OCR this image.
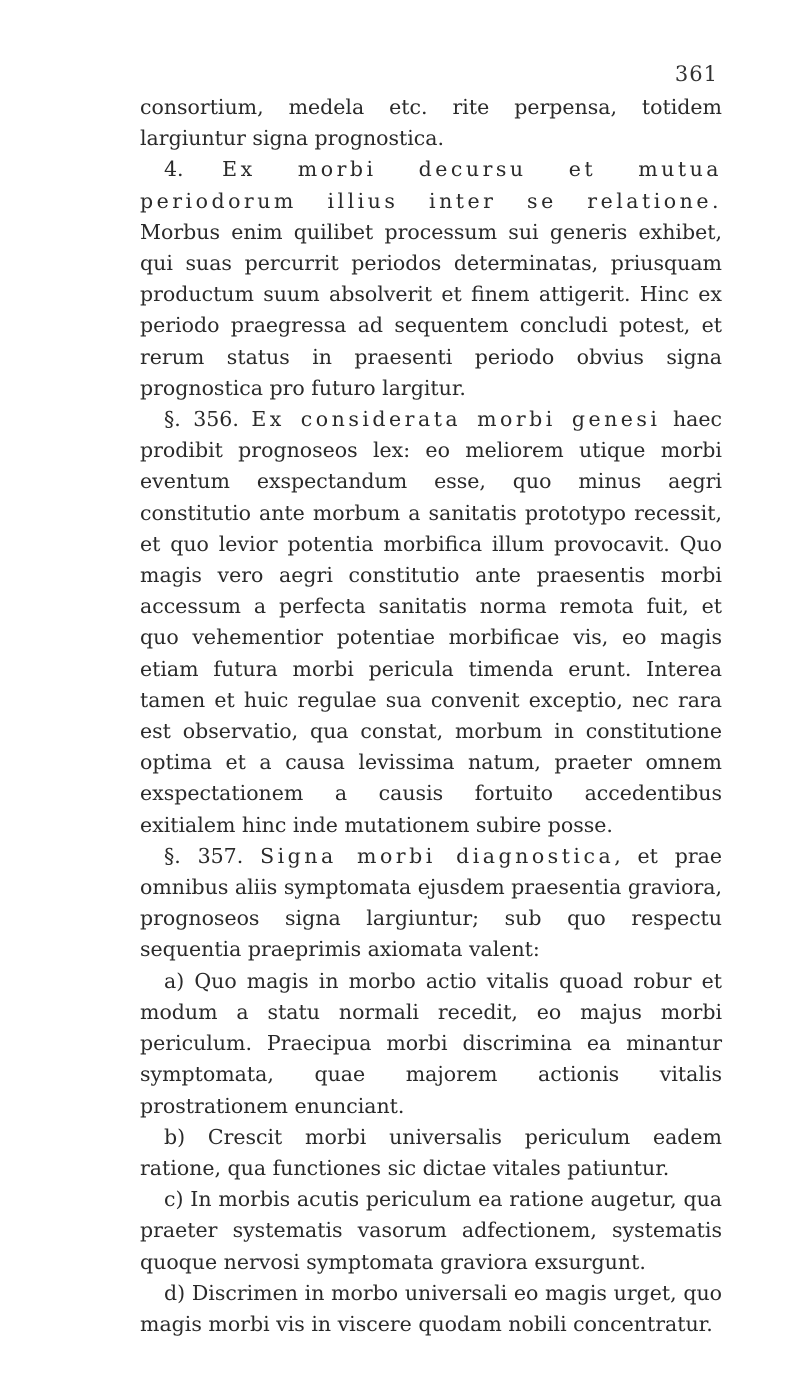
361

consortium, medela etc. rite perpensa, totidem largiuntur signa prognostica.

4. Ex morbi decursu et mutua periodorum illius inter se relatione. Morbus enim quilibet processum sui generis exhibet, qui suas percurrit periodos determinatas, priusquam productum suum absolverit et finem attigerit. Hinc ex periodo praegressa ad sequentem concludi potest, et rerum status in praesenti periodo obvius signa prognostica pro futuro largitur.

§. 356. Ex considerata morbi genesi haec prodibit prognoseos lex: eo meliorem utique morbi eventum exspectandum esse, quo minus aegri constitutio ante morbum a sanitatis prototypo recessit, et quo levior potentia morbifica illum provocavit. Quo magis vero aegri constitutio ante praesentis morbi accessum a perfecta sanitatis norma remota fuit, et quo vehementior potentiae morbificae vis, eo magis etiam futura morbi pericula timenda erunt. Interea tamen et huic regulae sua convenit exceptio, nec rara est observatio, qua constat, morbum in constitutione optima et a causa levissima natum, praeter omnem exspectationem a causis fortuito accedentibus exitialem hinc inde mutationem subire posse.

§. 357. Signa morbi diagnostica, et prae omnibus aliis symptomata ejusdem praesentia graviora, prognoseos signa largiuntur; sub quo respectu sequentia praeprimis axiomata valent:

a) Quo magis in morbo actio vitalis quoad robur et modum a statu normali recedit, eo majus morbi periculum. Praecipua morbi discrimina ea minantur symptomata, quae majorem actionis vitalis prostrationem enunciant.

b) Crescit morbi universalis periculum eadem ratione, qua functiones sic dictae vitales patiuntur.

c) In morbis acutis periculum ea ratione augetur, qua praeter systematis vasorum adfectionem, systematis quoque nervosi symptomata graviora exsurgunt.

d) Discrimen in morbo universali eo magis urget, quo magis morbi vis in viscere quodam nobili concentratur.
